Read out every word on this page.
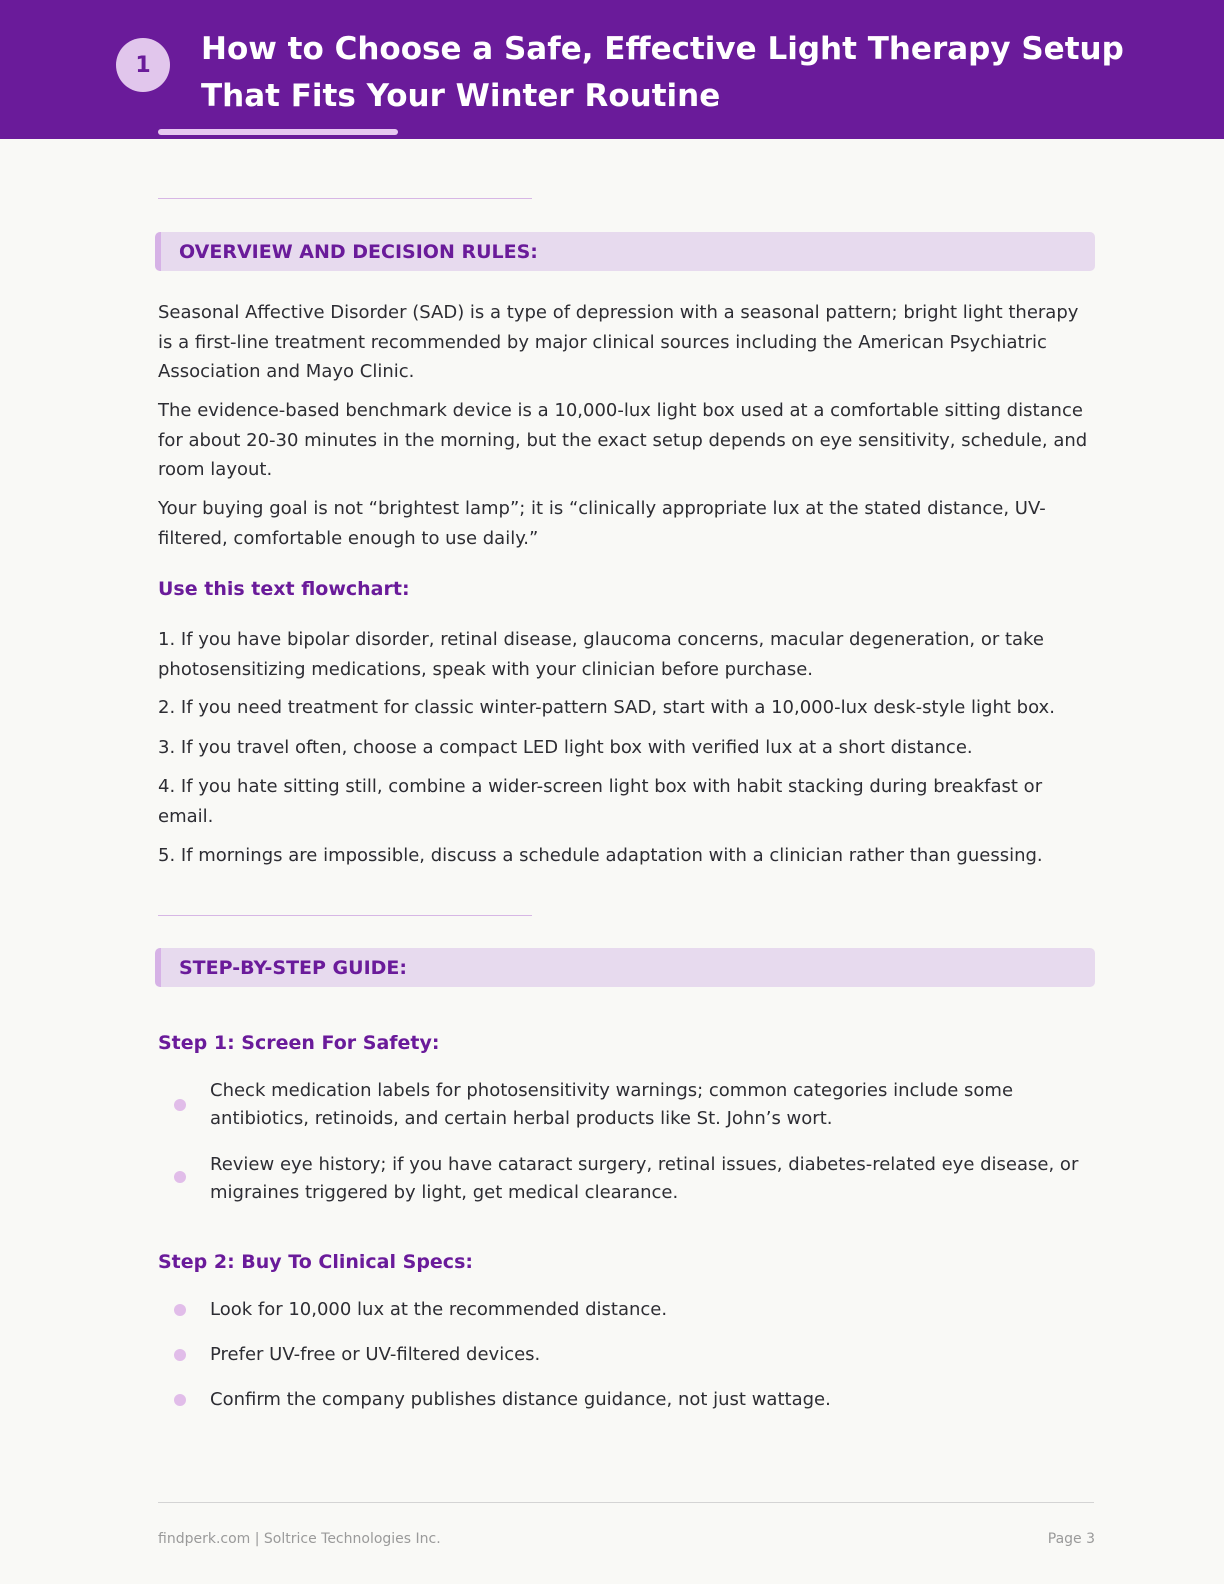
1	How to Choose a Safe, Effective Light Therapy Setup That Fits Your Winter Routine
OVERVIEW AND DECISION RULES:
Seasonal Affective Disorder (SAD) is a type of depression with a seasonal pattern; bright light therapy is a first-line treatment recommended by major clinical sources including the American Psychiatric Association and Mayo Clinic.
The evidence-based benchmark device is a 10,000-lux light box used at a comfortable sitting distance for about 20-30 minutes in the morning, but the exact setup depends on eye sensitivity, schedule, and room layout.
Your buying goal is not “brightest lamp”; it is “clinically appropriate lux at the stated distance, UV-filtered, comfortable enough to use daily.”
Use this text flowchart:
1. If you have bipolar disorder, retinal disease, glaucoma concerns, macular degeneration, or take photosensitizing medications, speak with your clinician before purchase.
2. If you need treatment for classic winter-pattern SAD, start with a 10,000-lux desk-style light box.
3. If you travel often, choose a compact LED light box with verified lux at a short distance.
4. If you hate sitting still, combine a wider-screen light box with habit stacking during breakfast or email.
5. If mornings are impossible, discuss a schedule adaptation with a clinician rather than guessing.
STEP-BY-STEP GUIDE:
Step 1: Screen For Safety:
Check medication labels for photosensitivity warnings; common categories include some antibiotics, retinoids, and certain herbal products like St. John’s wort.
Review eye history; if you have cataract surgery, retinal issues, diabetes-related eye disease, or migraines triggered by light, get medical clearance.
Step 2: Buy To Clinical Specs:
Look for 10,000 lux at the recommended distance.
Prefer UV-free or UV-filtered devices.
Confirm the company publishes distance guidance, not just wattage.
findperk.com | Soltrice Technologies Inc.	Page 3
